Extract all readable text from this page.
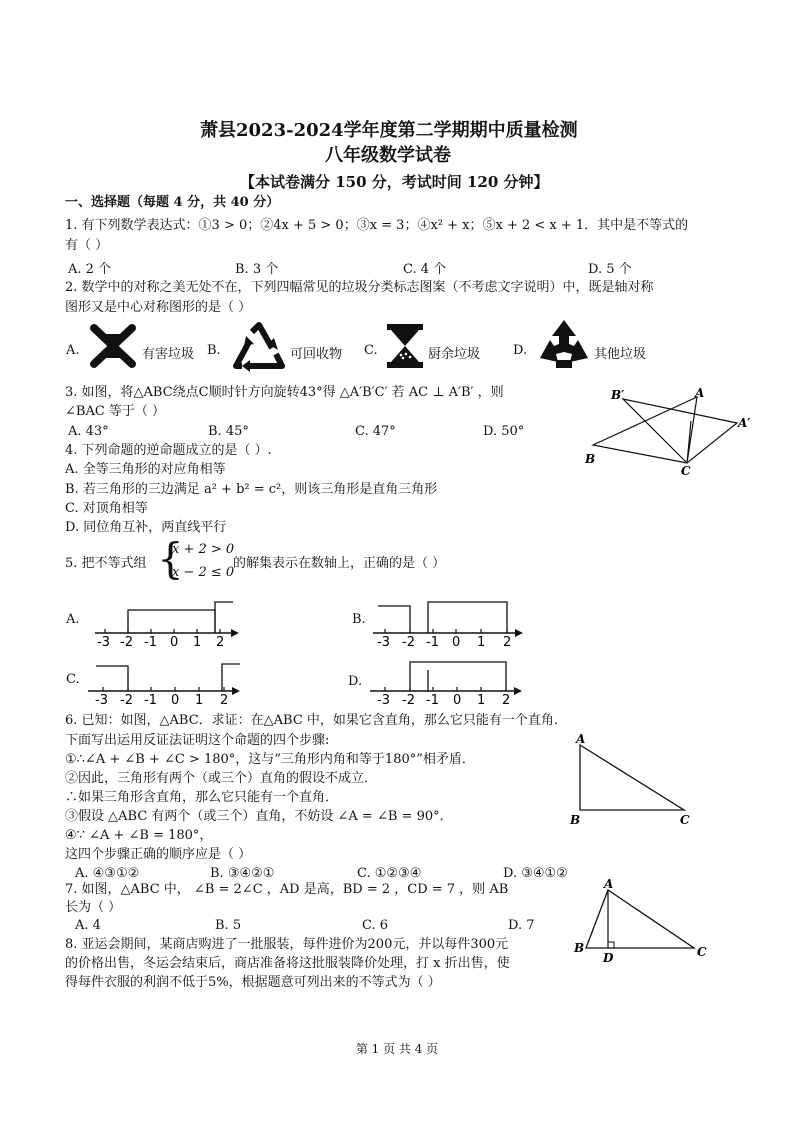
萧县2023-2024学年度第二学期期中质量检测
八年级数学试卷
【本试卷满分 150 分，考试时间 120 分钟】
一、选择题（每题 4 分，共 40 分）
1. 有下列数学表达式：①3 > 0；②4x + 5 > 0；③x = 3；④x² + x；⑤x + 2 < x + 1．其中是不等式的
有（ ）
A. 2 个	B. 3 个	C. 4 个	D. 5 个
2. 数学中的对称之美无处不在，下列四幅常见的垃圾分类标志图案（不考虑文字说明）中，既是轴对称
图形又是中心对称图形的是（ ）
A.	有害垃圾 B.	可回收物 C.	厨余垃圾	D.	其他垃圾
3. 如图，将△ABC绕点C顺时针方向旋转43°得 △A′B′C′ 若 AC ⊥ A′B′ ，则
∠BAC 等于（ ）
A. 43°	B. 45°	C. 47°	D. 50°
B′	A
A′
B
C
4. 下列命题的逆命题成立的是（ ）.
A. 全等三角形的对应角相等
B. 若三角形的三边满足 a² + b² = c²，则该三角形是直角三角形
C. 对顶角相等
D. 同位角互补，两直线平行
5. 把不等式组 {
x + 2 > 0
x − 2 ≤ 0
的解集表示在数轴上，正确的是（ ）
A.
-3 -2 -1 0 1 2
B.
-3 -2 -1 0 1 2
C.
-3 -2 -1 0 1 2
D.
-3 -2 -1 0 1 2
6. 已知：如图，△ABC．求证：在△ABC 中，如果它含直角，那么它只能有一个直角．
下面写出运用反证法证明这个命题的四个步骤:
①∴∠A + ∠B + ∠C > 180°，这与“三角形内角和等于180°”相矛盾．
②因此，三角形有两个（或三个）直角的假设不成立．
∴如果三角形含直角，那么它只能有一个直角．
③假设 △ABC 有两个（或三个）直角，不妨设 ∠A = ∠B = 90°．
④∵ ∠A + ∠B = 180°，
这四个步骤正确的顺序应是（ ）
A. ④③①②	B. ③④②①	C. ①②③④	D. ③④①②
A
B	C
7. 如图，△ABC 中， ∠B = 2∠C ，AD 是高，BD = 2 ，CD = 7 ，则 AB
长为（ ）
A. 4	B. 5	C. 6	D. 7
A
B
D	C
8. 亚运会期间，某商店购进了一批服装，每件进价为200元，并以每件300元
的价格出售，冬运会结束后，商店准备将这批服装降价处理，打 x 折出售，使
得每件衣服的利润不低于5%，根据题意可列出来的不等式为（ ）
第 1 页 共 4 页
